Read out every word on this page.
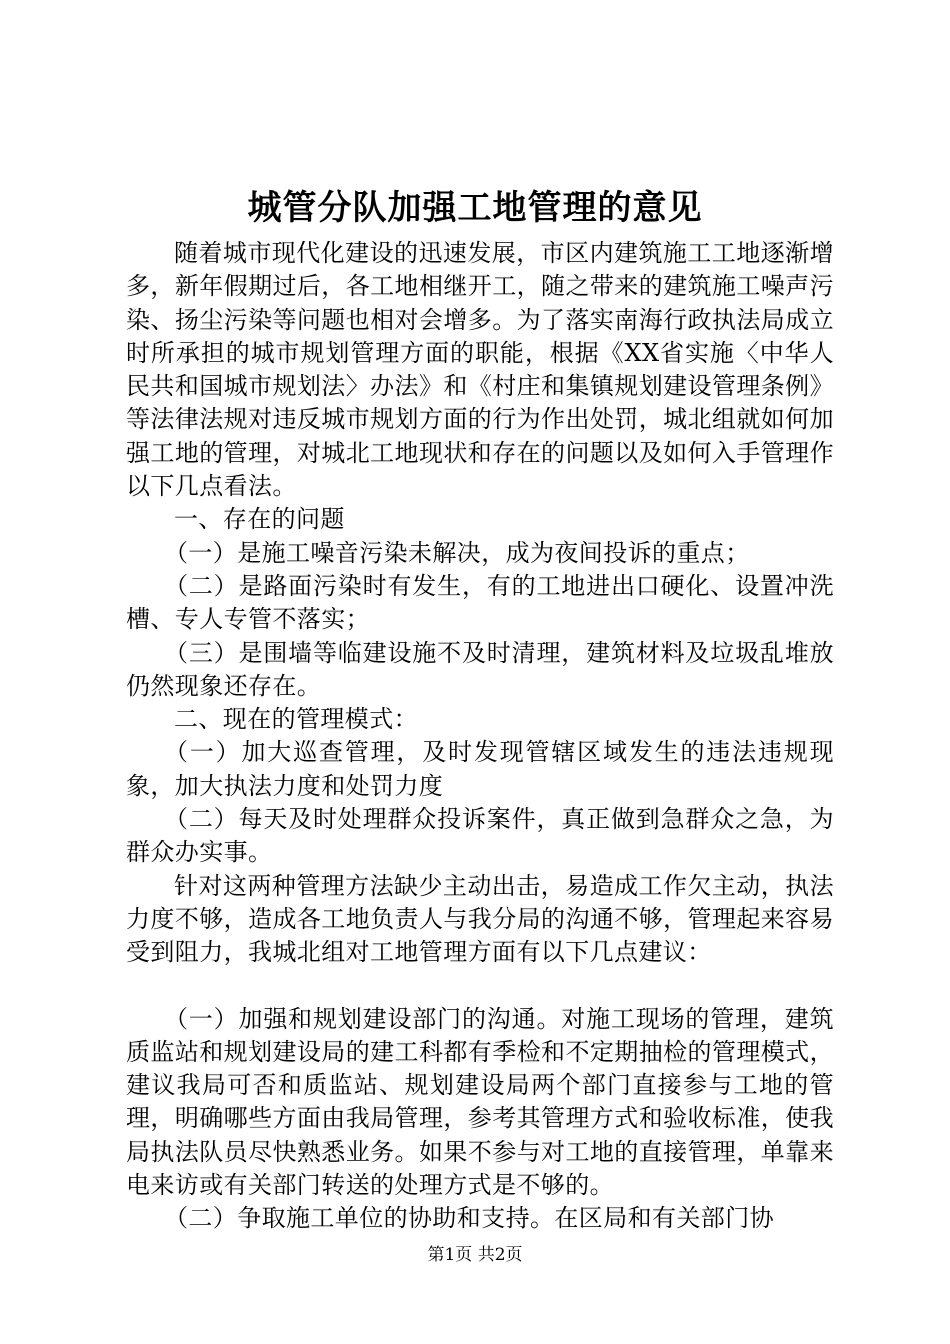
城管分队加强工地管理的意见

随着城市现代化建设的迅速发展，市区内建筑施工工地逐渐增多，新年假期过后，各工地相继开工，随之带来的建筑施工噪声污染、扬尘污染等问题也相对会增多。为了落实南海行政执法局成立时所承担的城市规划管理方面的职能，根据《XX省实施〈中华人民共和国城市规划法〉办法》和《村庄和集镇规划建设管理条例》等法律法规对违反城市规划方面的行为作出处罚，城北组就如何加强工地的管理，对城北工地现状和存在的问题以及如何入手管理作以下几点看法。

一、存在的问题

（一）是施工噪音污染未解决，成为夜间投诉的重点；

（二）是路面污染时有发生，有的工地进出口硬化、设置冲洗槽、专人专管不落实；

（三）是围墙等临建设施不及时清理，建筑材料及垃圾乱堆放仍然现象还存在。

二、现在的管理模式：

（一）加大巡查管理，及时发现管辖区域发生的违法违规现象，加大执法力度和处罚力度

（二）每天及时处理群众投诉案件，真正做到急群众之急，为群众办实事。

针对这两种管理方法缺少主动出击，易造成工作欠主动，执法力度不够，造成各工地负责人与我分局的沟通不够，管理起来容易受到阻力，我城北组对工地管理方面有以下几点建议：

（一）加强和规划建设部门的沟通。对施工现场的管理，建筑质监站和规划建设局的建工科都有季检和不定期抽检的管理模式，建议我局可否和质监站、规划建设局两个部门直接参与工地的管理，明确哪些方面由我局管理，参考其管理方式和验收标准，使我局执法队员尽快熟悉业务。如果不参与对工地的直接管理，单靠来电来访或有关部门转送的处理方式是不够的。

（二）争取施工单位的协助和支持。在区局和有关部门协

第1页 共2页
